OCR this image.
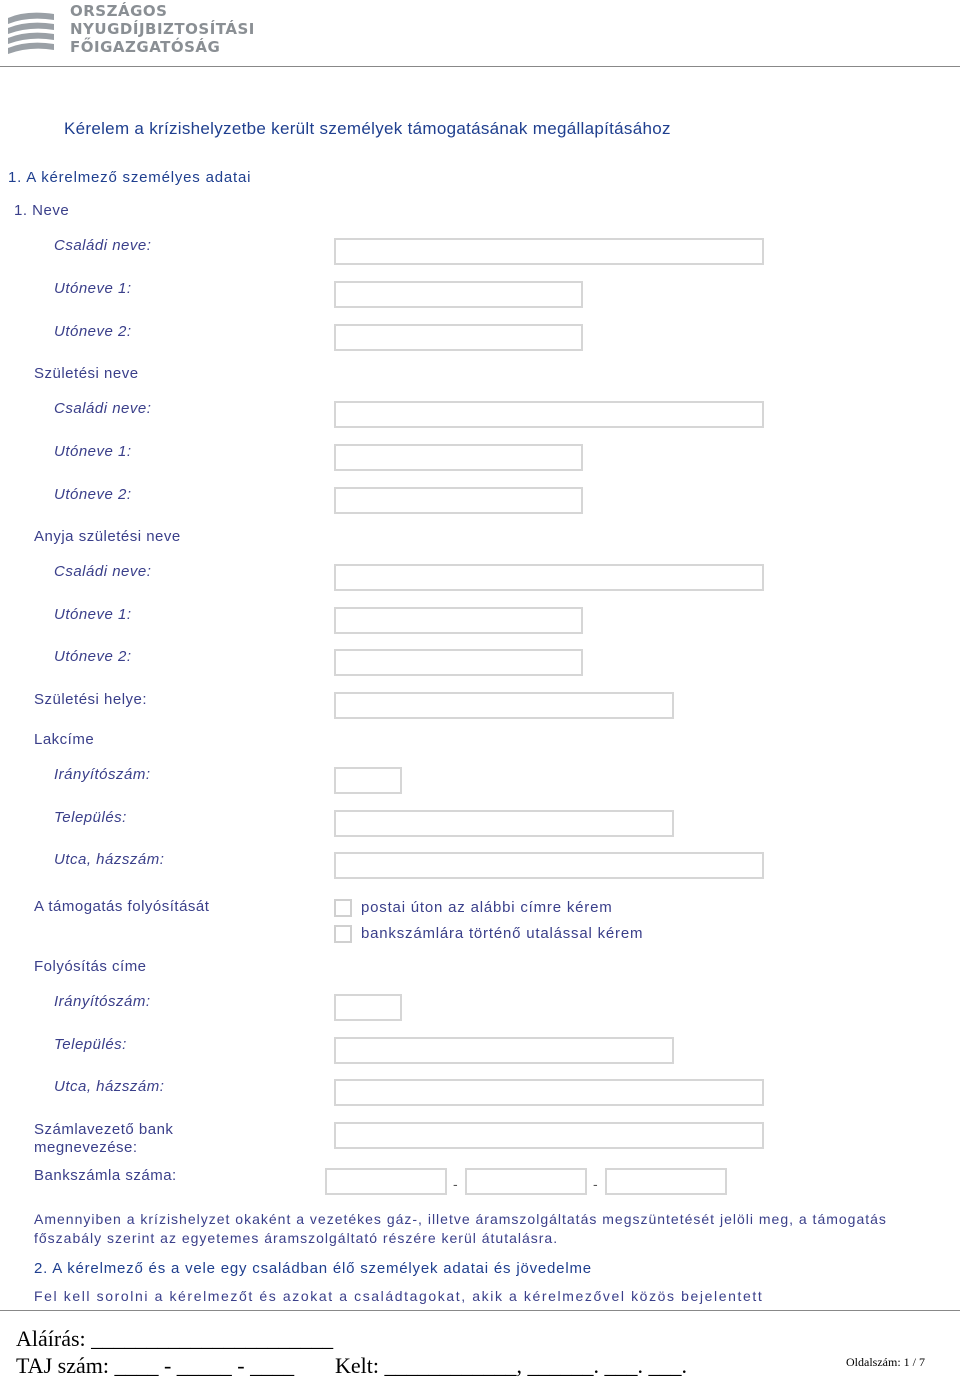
ORSZÁGOS
NYUGDÍJBIZTOSÍTÁSI
FŐIGAZGATÓSÁG
Kérelem a krízishelyzetbe került személyek támogatásának megállapításához
1. A kérelmező személyes adatai
1. Neve
Családi neve:
Utóneve 1:
Utóneve 2:
Születési neve
Családi neve:
Utóneve 1:
Utóneve 2:
Anyja születési neve
Családi neve:
Utóneve 1:
Utóneve 2:
Születési helye:
Lakcíme
Irányítószám:
Település:
Utca, házszám:
A támogatás folyósítását	postai úton az alábbi címre kérem
bankszámlára történő utalással kérem
Folyósítás címe
Irányítószám:
Település:
Utca, házszám:
Számlavezető bank
megnevezése:
Bankszámla száma:	-	-
Amennyiben a krízishelyzet okaként a vezetékes gáz-, illetve áramszolgáltatás megszüntetését jelöli meg, a támogatás főszabály szerint az egyetemes áramszolgáltató részére kerül átutalásra.
2. A kérelmező és a vele egy családban élő személyek adatai és jövedelme
Fel kell sorolni a kérelmezőt és azokat a családtagokat, akik a kérelmezővel közös bejelentett
Aláírás: ______________________
TAJ szám: ____ - _____ - ____ Kelt: ____________, ______. ___. ___.	Oldalszám: 1 / 7
